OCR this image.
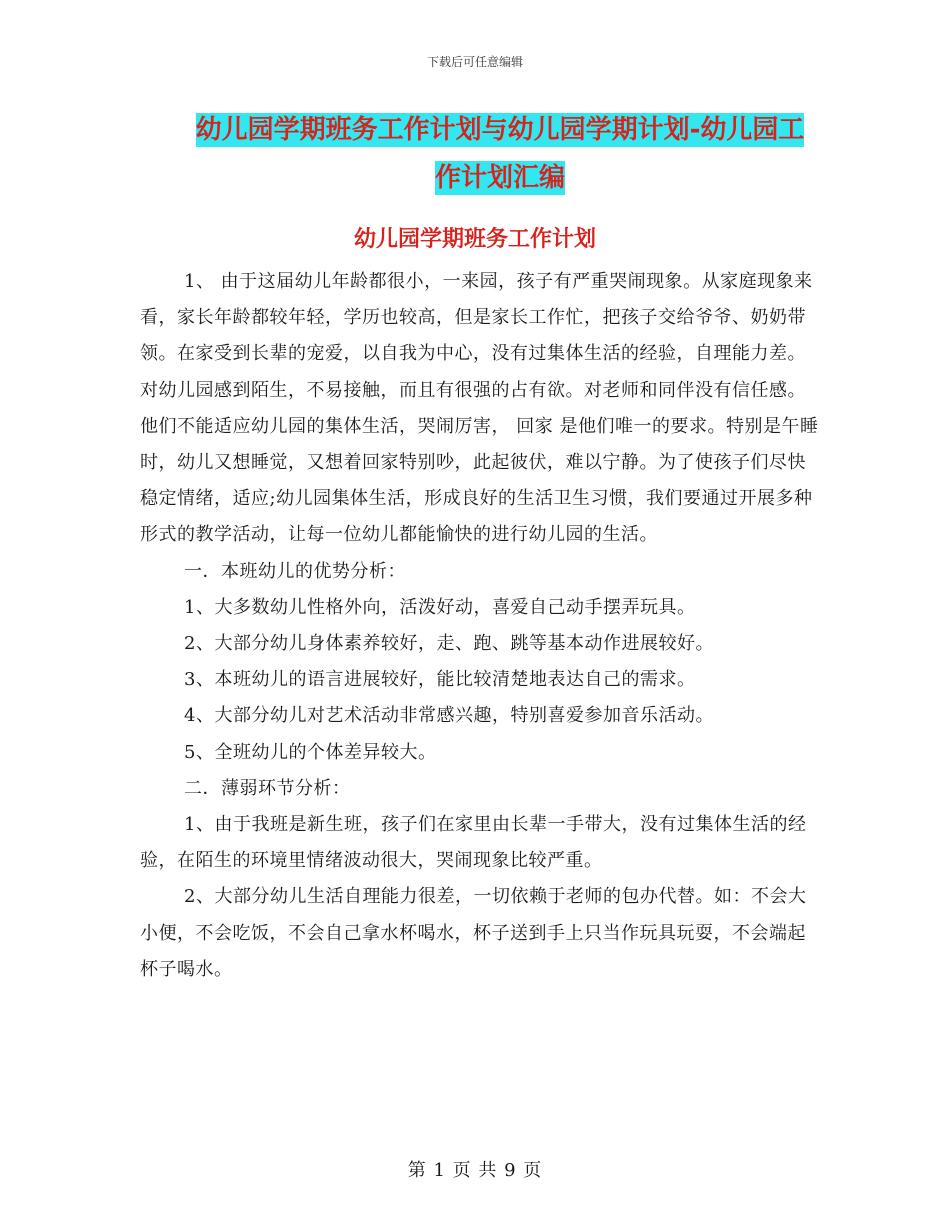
下载后可任意编辑
幼儿园学期班务工作计划与幼儿园学期计划-幼儿园工
作计划汇编
幼儿园学期班务工作计划

1、 由于这届幼儿年龄都很小，一来园，孩子有严重哭闹现象。从家庭现象来看，家长年龄都较年轻，学历也较高，但是家长工作忙，把孩子交给爷爷、奶奶带领。在家受到长辈的宠爱，以自我为中心，没有过集体生活的经验，自理能力差。对幼儿园感到陌生，不易接触，而且有很强的占有欲。对老师和同伴没有信任感。他们不能适应幼儿园的集体生活，哭闹厉害， 回家 是他们唯一的要求。特别是午睡时，幼儿又想睡觉，又想着回家特别吵，此起彼伏，难以宁静。为了使孩子们尽快稳定情绪，适应;幼儿园集体生活，形成良好的生活卫生习惯，我们要通过开展多种形式的教学活动，让每一位幼儿都能愉快的进行幼儿园的生活。

一．本班幼儿的优势分析：

1、大多数幼儿性格外向，活泼好动，喜爱自己动手摆弄玩具。

2、大部分幼儿身体素养较好，走、跑、跳等基本动作进展较好。

3、本班幼儿的语言进展较好，能比较清楚地表达自己的需求。

4、大部分幼儿对艺术活动非常感兴趣，特别喜爱参加音乐活动。

5、全班幼儿的个体差异较大。

二．薄弱环节分析：

1、由于我班是新生班，孩子们在家里由长辈一手带大，没有过集体生活的经验，在陌生的环境里情绪波动很大，哭闹现象比较严重。

2、大部分幼儿生活自理能力很差，一切依赖于老师的包办代替。如：不会大小便，不会吃饭，不会自己拿水杯喝水，杯子送到手上只当作玩具玩耍，不会端起杯子喝水。

第 1 页 共 9 页
